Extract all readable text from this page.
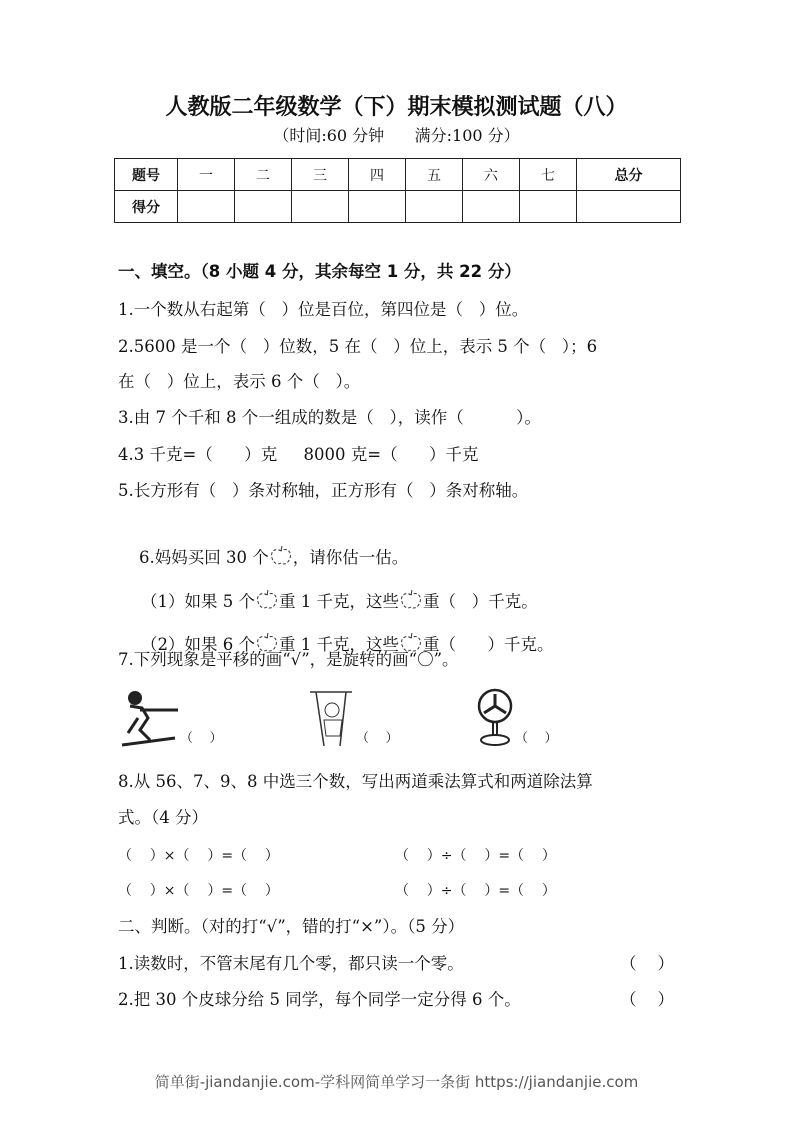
人教版二年级数学（下）期末模拟测试题（八）
（时间:60 分钟      满分:100 分）
题号	一	二	三	四	五	六	七	总分
得分								
一、填空。（8 小题 4 分，其余每空 1 分，共 22 分）
1.一个数从右起第（   ）位是百位，第四位是（   ）位。
2.5600 是一个（   ）位数，5 在（   ）位上，表示 5 个（   ）；6
在（   ）位上，表示 6 个（   ）。
3.由 7 个千和 8 个一组成的数是（   ），读作（          ）。
4.3 千克=（      ）克     8000 克=（      ）千克
5.长方形有（   ）条对称轴，正方形有（   ）条对称轴。

6.妈妈买回 30 个 ，请你估一估。

（1）如果 5 个 重 1 千克，这些 重（   ）千克。

（2）如果 6 个 重 1 千克，这些 重（      ）千克。

7.下列现象是平移的画“√”，是旋转的画“〇”。
（    ）	（    ）	（    ）
8.从 56、7、9、8 中选三个数，写出两道乘法算式和两道除法算
式。（4 分）
（    ）×（    ）=（    ）	（    ）÷（    ）=（    ）
（    ）×（    ）=（    ）	（    ）÷（    ）=（    ）
二、判断。（对的打“√”，错的打“×”）。（5 分）
1.读数时，不管末尾有几个零，都只读一个零。	（    ）
2.把 30 个皮球分给 5 同学，每个同学一定分得 6 个。	（    ）
简单街-jiandanjie.com-学科网简单学习一条街 https://jiandanjie.com
